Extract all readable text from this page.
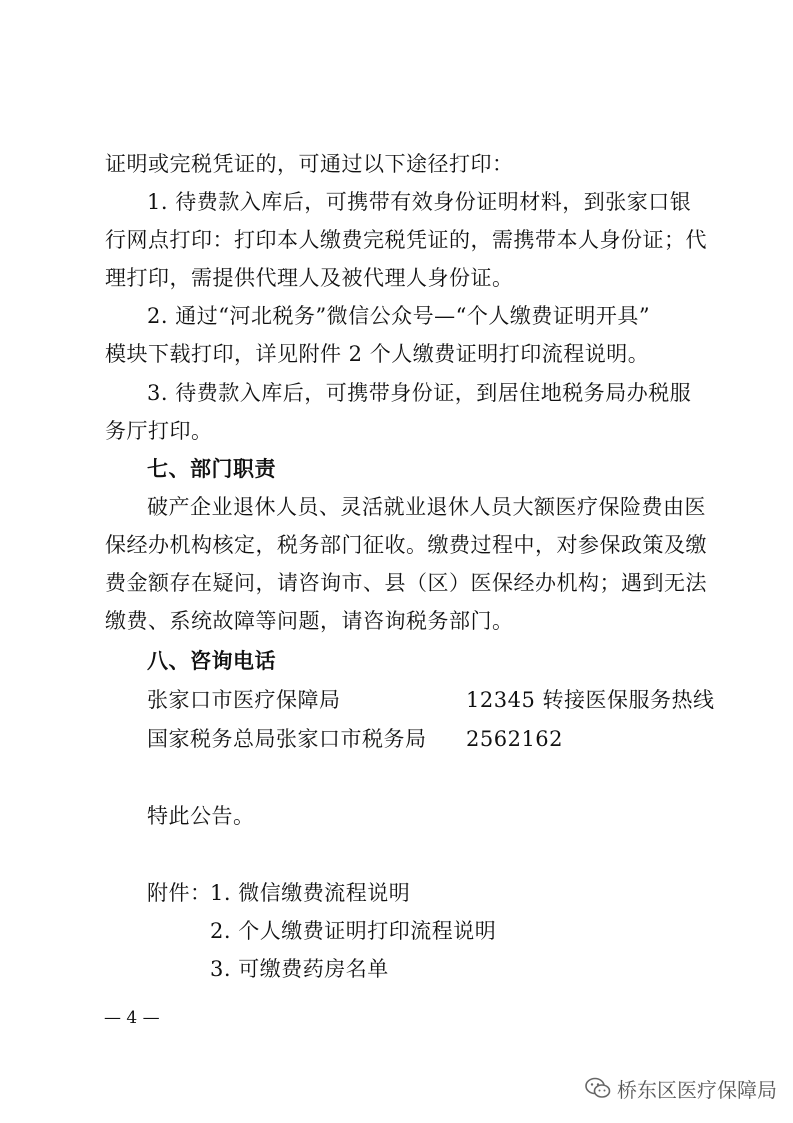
证明或完税凭证的，可通过以下途径打印：
1. 待费款入库后，可携带有效身份证明材料，到张家口银
行网点打印：打印本人缴费完税凭证的，需携带本人身份证；代
理打印，需提供代理人及被代理人身份证。
2. 通过“河北税务”微信公众号—“个人缴费证明开具”
模块下载打印，详见附件 2 个人缴费证明打印流程说明。
3. 待费款入库后，可携带身份证，到居住地税务局办税服
务厅打印。
七、部门职责
破产企业退休人员、灵活就业退休人员大额医疗保险费由医
保经办机构核定，税务部门征收。缴费过程中，对参保政策及缴
费金额存在疑问，请咨询市、县（区）医保经办机构；遇到无法
缴费、系统故障等问题，请咨询税务部门。
八、咨询电话
张家口市医疗保障局	12345 转接医保服务热线
国家税务总局张家口市税务局 2562162
特此公告。
附件：
1. 微信缴费流程说明
2. 个人缴费证明打印流程说明
3. 可缴费药房名单
— 4 —
桥东区医疗保障局
